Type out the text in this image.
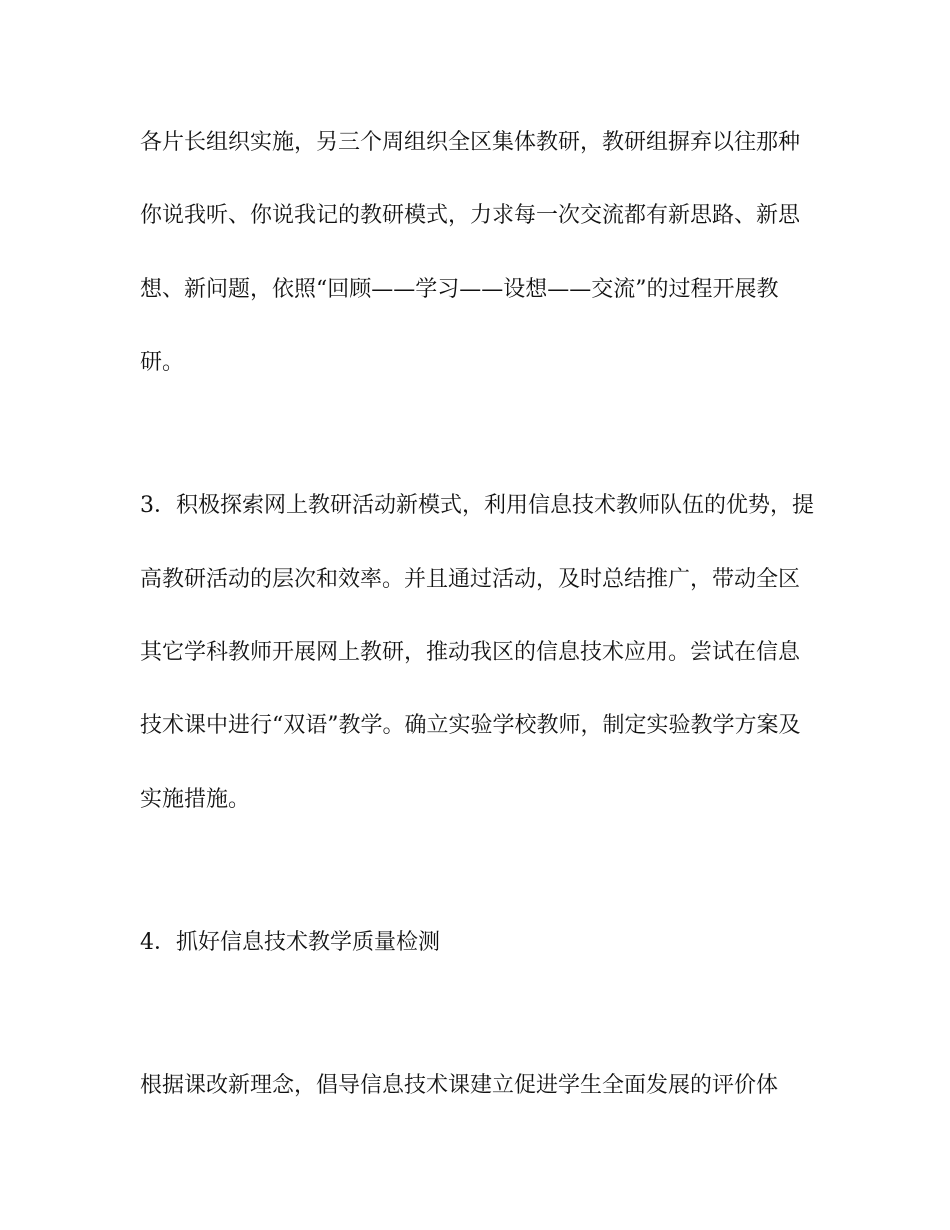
各片长组织实施，另三个周组织全区集体教研，教研组摒弃以往那种
你说我听、你说我记的教研模式，力求每一次交流都有新思路、新思
想、新问题，依照“回顾——学习——设想——交流”的过程开展教
研。
3．积极探索网上教研活动新模式，利用信息技术教师队伍的优势，提
高教研活动的层次和效率。并且通过活动，及时总结推广，带动全区
其它学科教师开展网上教研，推动我区的信息技术应用。尝试在信息
技术课中进行“双语”教学。确立实验学校教师，制定实验教学方案及
实施措施。
4．抓好信息技术教学质量检测
根据课改新理念，倡导信息技术课建立促进学生全面发展的评价体
